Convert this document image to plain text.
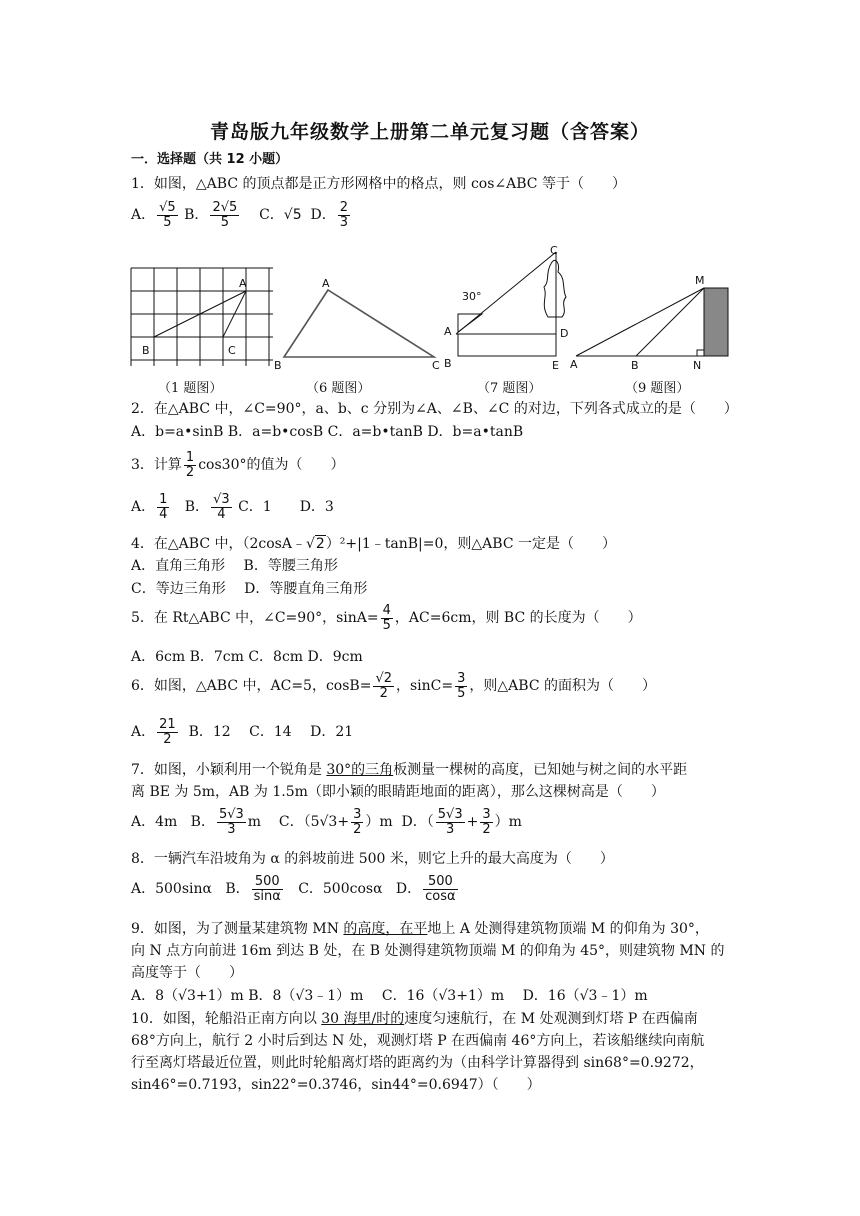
青岛版九年级数学上册第二单元复习题（含答案）
一．选择题（共 12 小题）
1．如图，△ABC 的顶点都是正方形网格中的格点，则 cos∠ABC 等于（　　）
A． $\frac{√5}{5}$ B． $\frac{2√5}{5}$ C．√5 D． $\frac{2}{3}$
A
B	C
A
B	C
30°
C
A
B
D
E
M
A	B	N
（1 题图）	（6 题图）	（7 题图）	（9 题图）
2．在△ABC 中，∠C=90°，a、b、c 分别为∠A、∠B、∠C 的对边，下列各式成立的是（　　）
A．b=a•sinB B．a=b•cosB C．a=b•tanB D．b=a•tanB
3．计算 $\frac{1}{2} \cos 30^\circ$的值为（　　）
A． $\frac{1}{4}$ B． $\frac{√3}{4}$ C．1　　D．3
4．在△ABC 中，（2cosA﹣√2）²+|1﹣tanB|=0，则△ABC 一定是（　　）
A．直角三角形　 B．等腰三角形
C．等边三角形　 D．等腰直角三角形
5．在 Rt△ABC 中，∠C=90°，$\sin A= \frac{4}{5}$ ，AC=6cm，则 BC 的长度为（　　）
A．6cm B．7cm C．8cm D．9cm
6．如图，△ABC 中，AC=5，$\cos B= \frac{√2}{2}$ ，$\sin C= \frac{3}{5}$ ，则△ABC 的面积为（　　）
A． $\frac{21}{2}$ B．12　 C．14　 D．21
7．如图，小颖利用一个锐角是 30°的三角板测量一棵树的高度，已知她与树之间的水平距
离 BE 为 5m，AB 为 1.5m（即小颖的眼睛距地面的距离），那么这棵树高是（　　）
A．4m B． $\frac{5√3}{3}$ m C．$(5√3+ \frac{3}{2} )m$ D．（ $\frac{5√3}{3} + \frac{3}{2} )m$
8．一辆汽车沿坡角为 α 的斜坡前进 500 米，则它上升的最大高度为（　　）
A．500sinα B． $\frac{500}{\sin\alpha}$ C．500cosα D． $\frac{500}{\cos\alpha}$
9．如图，为了测量某建筑物 MN 的高度，在平地上 A 处测得建筑物顶端 M 的仰角为 30°，
向 N 点方向前进 16m 到达 B 处，在 B 处测得建筑物顶端 M 的仰角为 45°，则建筑物 MN 的
高度等于（　　）
A．8（√3+1）m B．8（√3﹣1）m　 C．16（√3+1）m　 D．16（√3﹣1）m
10．如图，轮船沿正南方向以 30 海里/时的速度匀速航行，在 M 处观测到灯塔 P 在西偏南
68°方向上，航行 2 小时后到达 N 处，观测灯塔 P 在西偏南 46°方向上，若该船继续向南航
行至离灯塔最近位置，则此时轮船离灯塔的距离约为（由科学计算器得到 sin68°=0.9272，
sin46°=0.7193，sin22°=0.3746，sin44°=0.6947）（　　）
